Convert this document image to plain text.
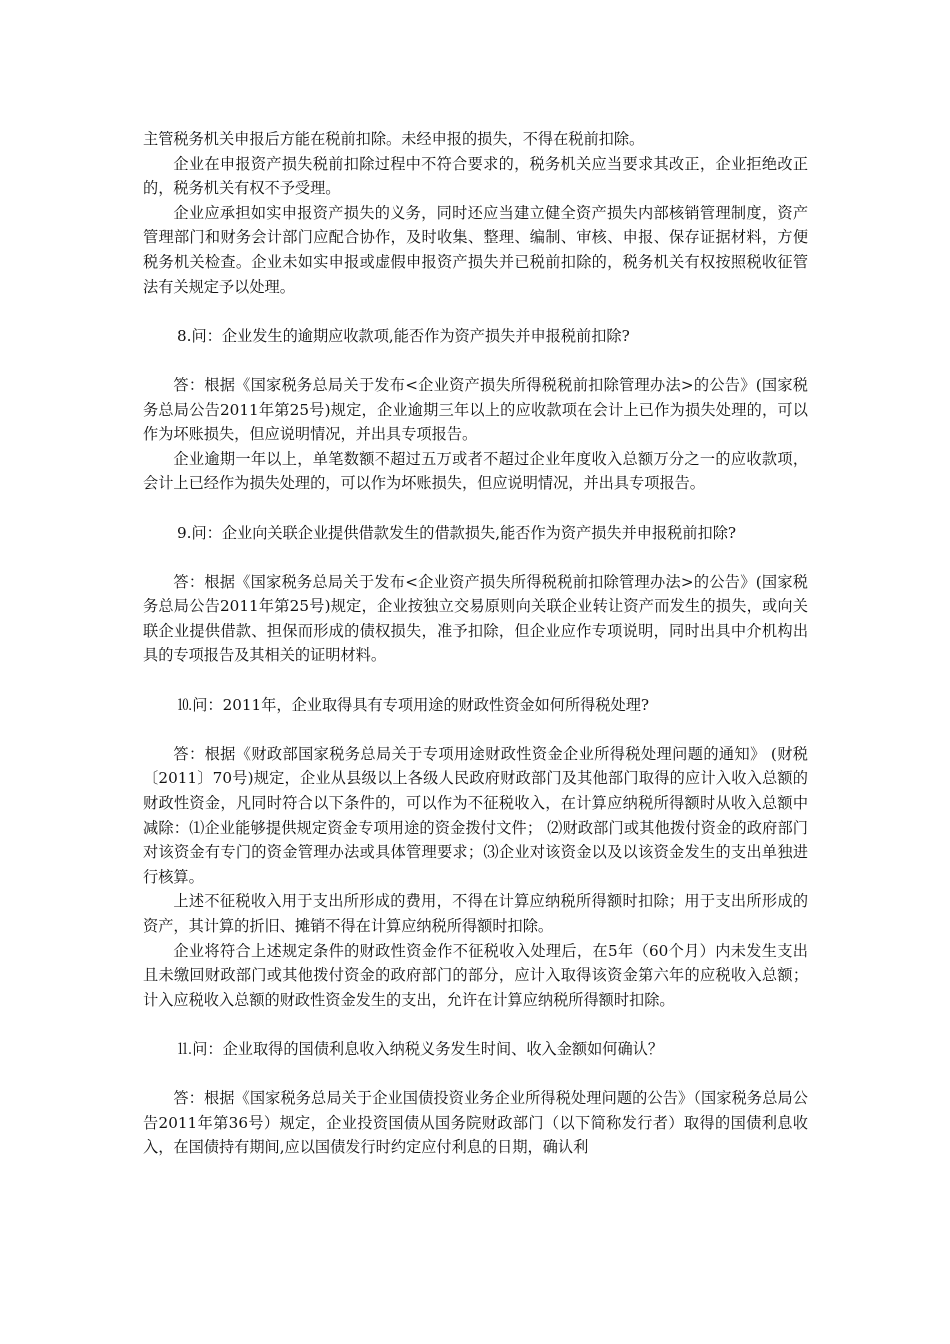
主管税务机关申报后方能在税前扣除。未经申报的损失，不得在税前扣除。

企业在申报资产损失税前扣除过程中不符合要求的，税务机关应当要求其改正，企业拒绝改正的，税务机关有权不予受理。

企业应承担如实申报资产损失的义务，同时还应当建立健全资产损失内部核销管理制度，资产管理部门和财务会计部门应配合协作，及时收集、整理、编制、审核、申报、保存证据材料，方便税务机关检查。企业未如实申报或虚假申报资产损失并已税前扣除的，税务机关有权按照税收征管法有关规定予以处理。

8.问：企业发生的逾期应收款项,能否作为资产损失并申报税前扣除?

答：根据《国家税务总局关于发布<企业资产损失所得税税前扣除管理办法>的公告》(国家税务总局公告2011年第25号)规定，企业逾期三年以上的应收款项在会计上已作为损失处理的，可以作为坏账损失，但应说明情况，并出具专项报告。

企业逾期一年以上，单笔数额不超过五万或者不超过企业年度收入总额万分之一的应收款项，会计上已经作为损失处理的，可以作为坏账损失，但应说明情况，并出具专项报告。

9.问：企业向关联企业提供借款发生的借款损失,能否作为资产损失并申报税前扣除?

答：根据《国家税务总局关于发布<企业资产损失所得税税前扣除管理办法>的公告》(国家税务总局公告2011年第25号)规定，企业按独立交易原则向关联企业转让资产而发生的损失，或向关联企业提供借款、担保而形成的债权损失，准予扣除，但企业应作专项说明，同时出具中介机构出具的专项报告及其相关的证明材料。

⒑问：2011年，企业取得具有专项用途的财政性资金如何所得税处理?

答：根据《财政部国家税务总局关于专项用途财政性资金企业所得税处理问题的通知》 (财税〔2011〕70号)规定，企业从县级以上各级人民政府财政部门及其他部门取得的应计入收入总额的财政性资金，凡同时符合以下条件的，可以作为不征税收入，在计算应纳税所得额时从收入总额中减除：⑴企业能够提供规定资金专项用途的资金拨付文件； ⑵财政部门或其他拨付资金的政府部门对该资金有专门的资金管理办法或具体管理要求；⑶企业对该资金以及以该资金发生的支出单独进行核算。

上述不征税收入用于支出所形成的费用，不得在计算应纳税所得额时扣除；用于支出所形成的资产，其计算的折旧、摊销不得在计算应纳税所得额时扣除。

企业将符合上述规定条件的财政性资金作不征税收入处理后，在5年（60个月）内未发生支出且未缴回财政部门或其他拨付资金的政府部门的部分，应计入取得该资金第六年的应税收入总额；计入应税收入总额的财政性资金发生的支出，允许在计算应纳税所得额时扣除。

⒒问：企业取得的国债利息收入纳税义务发生时间、收入金额如何确认？

答：根据《国家税务总局关于企业国债投资业务企业所得税处理问题的公告》（国家税务总局公告2011年第36号）规定，企业投资国债从国务院财政部门（以下简称发行者）取得的国债利息收入，在国债持有期间,应以国债发行时约定应付利息的日期，确认利
